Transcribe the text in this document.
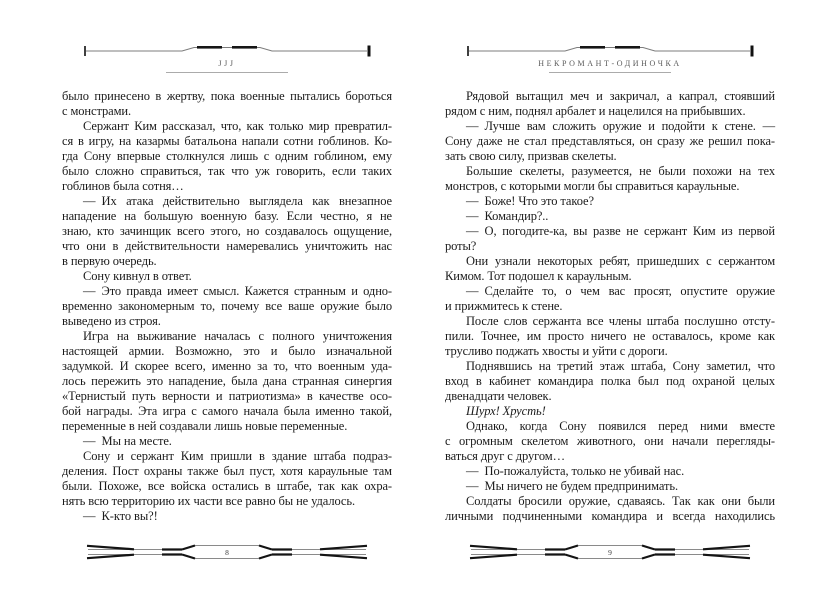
JJJ
было принесено в жертву, пока военные пытались бороться
с монстрами.
Сержант Ким рассказал, что, как только мир превратил-
ся в игру, на казармы батальона напали сотни гоблинов. Ко-
гда Сону впервые столкнулся лишь с одним гоблином, ему
было сложно справиться, так что уж говорить, если таких
гоблинов была сотня…
— Их атака действительно выглядела как внезапное
нападение на большую военную базу. Если честно, я не
знаю, кто зачинщик всего этого, но создавалось ощущение,
что они в действительности намеревались уничтожить нас
в первую очередь.
Сону кивнул в ответ.
— Это правда имеет смысл. Кажется странным и одно-
временно закономерным то, почему все ваше оружие было
выведено из строя.
Игра на выживание началась с полного уничтожения
настоящей армии. Возможно, это и было изначальной
задумкой. И скорее всего, именно за то, что военным уда-
лось пережить это нападение, была дана странная синергия
«Тернистый путь верности и патриотизма» в качестве осо-
бой награды. Эта игра с самого начала была именно такой,
переменные в ней создавали лишь новые переменные.
— Мы на месте.
Сону и сержант Ким пришли в здание штаба подраз-
деления. Пост охраны также был пуст, хотя караульные там
были. Похоже, все войска остались в штабе, так как охра-
нять всю территорию их части все равно бы не удалось.
— К-кто вы?!
8
НЕКРОМАНТ-ОДИНОЧКА
Рядовой вытащил меч и закричал, а капрал, стоявший
рядом с ним, поднял арбалет и нацелился на прибывших.
— Лучше вам сложить оружие и подойти к стене. —
Сону даже не стал представляться, он сразу же решил пока-
зать свою силу, призвав скелеты.
Большие скелеты, разумеется, не были похожи на тех
монстров, с которыми могли бы справиться караульные.
— Боже! Что это такое?
— Командир?..
— О, погодите-ка, вы разве не сержант Ким из первой
роты?
Они узнали некоторых ребят, пришедших с сержантом
Кимом. Тот подошел к караульным.
— Сделайте то, о чем вас просят, опустите оружие
и прижмитесь к стене.
После слов сержанта все члены штаба послушно отсту-
пили. Точнее, им просто ничего не оставалось, кроме как
трусливо поджать хвосты и уйти с дороги.
Поднявшись на третий этаж штаба, Сону заметил, что
вход в кабинет командира полка был под охраной целых
двенадцати человек.
Шурх! Хрусть!
Однако, когда Сону появился перед ними вместе
с огромным скелетом животного, они начали перегляды-
ваться друг с другом…
— По-пожалуйста, только не убивай нас.
— Мы ничего не будем предпринимать.
Солдаты бросили оружие, сдаваясь. Так как они были
личными подчиненными командира и всегда находились
9
